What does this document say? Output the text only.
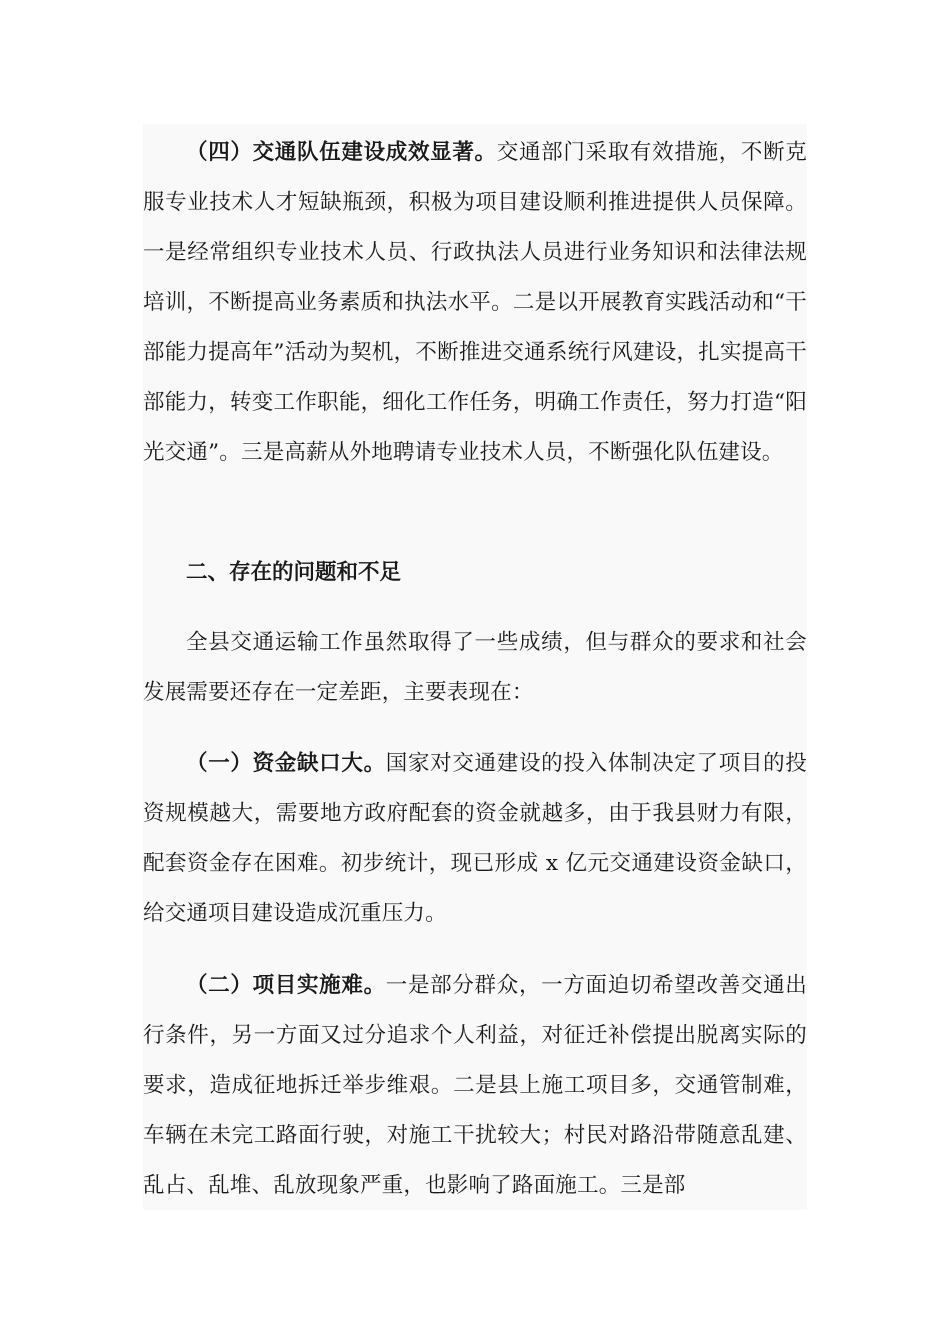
（四）交通队伍建设成效显著。交通部门采取有效措施，不断克服专业技术人才短缺瓶颈，积极为项目建设顺利推进提供人员保障。一是经常组织专业技术人员、行政执法人员进行业务知识和法律法规培训，不断提高业务素质和执法水平。二是以开展教育实践活动和“干部能力提高年”活动为契机，不断推进交通系统行风建设，扎实提高干部能力，转变工作职能，细化工作任务，明确工作责任，努力打造“阳光交通”。三是高薪从外地聘请专业技术人员，不断强化队伍建设。

二、存在的问题和不足

全县交通运输工作虽然取得了一些成绩，但与群众的要求和社会发展需要还存在一定差距，主要表现在：

（一）资金缺口大。国家对交通建设的投入体制决定了项目的投资规模越大，需要地方政府配套的资金就越多，由于我县财力有限，配套资金存在困难。初步统计，现已形成 x 亿元交通建设资金缺口，给交通项目建设造成沉重压力。

（二）项目实施难。一是部分群众，一方面迫切希望改善交通出行条件，另一方面又过分追求个人利益，对征迁补偿提出脱离实际的要求，造成征地拆迁举步维艰。二是县上施工项目多，交通管制难，车辆在未完工路面行驶，对施工干扰较大；村民对路沿带随意乱建、乱占、乱堆、乱放现象严重，也影响了路面施工。三是部
